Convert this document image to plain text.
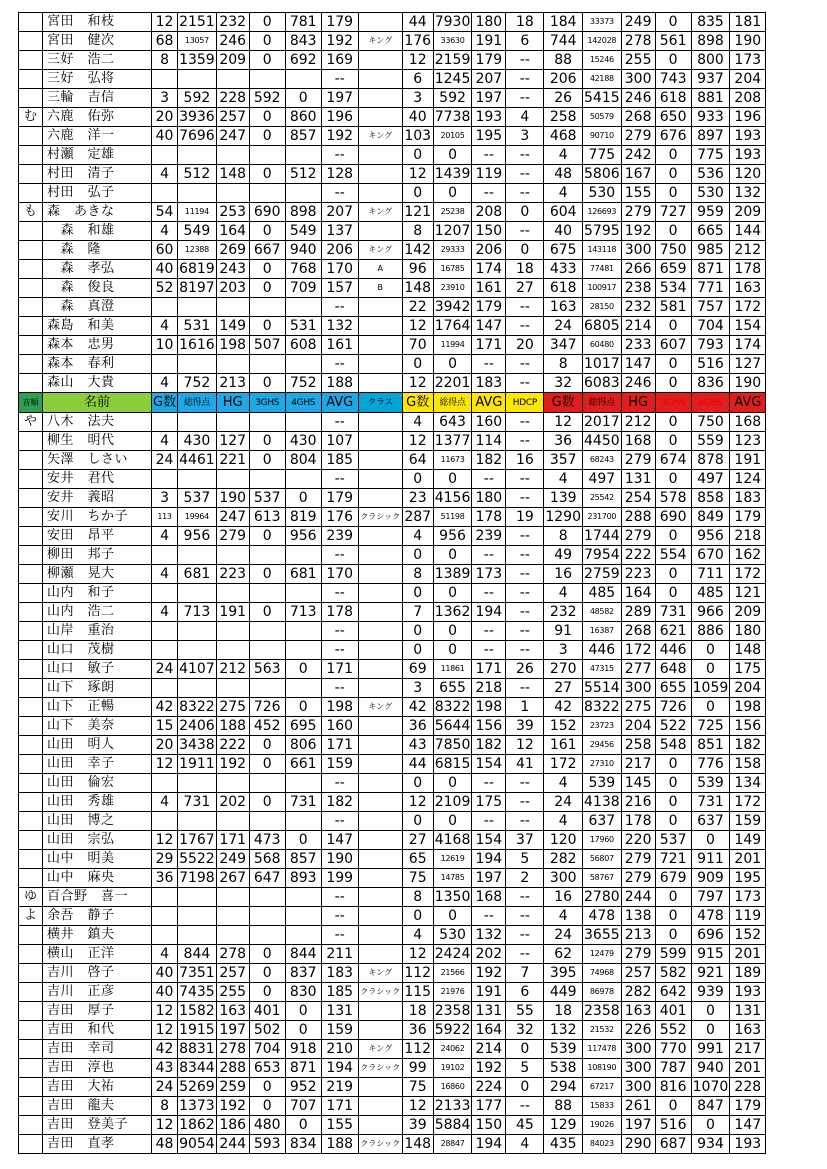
	宮田　和枝	12	2151	232	0	781	179		44	7930	180	18	184	33373	249	0	835	181
	宮田　健次	68	13057	246	0	843	192	キング	176	33630	191	6	744	142028	278	561	898	190
	三好　浩二	8	1359	209	0	692	169		12	2159	179	--	88	15246	255	0	800	173
	三好　弘将						--		6	1245	207	--	206	42188	300	743	937	204
	三輪　吉信	3	592	228	592	0	197		3	592	197	--	26	5415	246	618	881	208
む	六鹿　佑弥	20	3936	257	0	860	196		40	7738	193	4	258	50579	268	650	933	196
	六鹿　洋一	40	7696	247	0	857	192	キング	103	20105	195	3	468	90710	279	676	897	193
	村瀬　定雄						--		0	0	--	--	4	775	242	0	775	193
	村田　清子	4	512	148	0	512	128		12	1439	119	--	48	5806	167	0	536	120
	村田　弘子						--		0	0	--	--	4	530	155	0	530	132
も	森　あきな	54	11194	253	690	898	207	キング	121	25238	208	0	604	126693	279	727	959	209
	　森　和雄	4	549	164	0	549	137		8	1207	150	--	40	5795	192	0	665	144
	　森　隆	60	12388	269	667	940	206	キング	142	29333	206	0	675	143118	300	750	985	212
	　森　孝弘	40	6819	243	0	768	170	A	96	16785	174	18	433	77481	266	659	871	178
	　森　俊良	52	8197	203	0	709	157	B	148	23910	161	27	618	100917	238	534	771	163
	　森　真澄						--		22	3942	179	--	163	28150	232	581	757	172
	森島　和美	4	531	149	0	531	132		12	1764	147	--	24	6805	214	0	704	154
	森本　忠男	10	1616	198	507	608	161		70	11994	171	20	347	60480	233	607	793	174
	森本　春利						--		0	0	--	--	8	1017	147	0	516	127
	森山　大貴	4	752	213	0	752	188		12	2201	183	--	32	6083	246	0	836	190
音順	名前	G数	総得点	HG	3GHS	4GHS	AVG	クラス	G数	総得点	AVG	HDCP	G数	総得点	HG	3GHS	4GHS	AVG
や	八木　法夫						--		4	643	160	--	12	2017	212	0	750	168
	柳生　明代	4	430	127	0	430	107		12	1377	114	--	36	4450	168	0	559	123
	矢澤　しさい	24	4461	221	0	804	185		64	11673	182	16	357	68243	279	674	878	191
	安井　君代						--		0	0	--	--	4	497	131	0	497	124
	安井　義昭	3	537	190	537	0	179		23	4156	180	--	139	25542	254	578	858	183
	安川　ちか子	113	19964	247	613	819	176	クラシック	287	51198	178	19	1290	231700	288	690	849	179
	安田　昂平	4	956	279	0	956	239		4	956	239	--	8	1744	279	0	956	218
	柳田　邦子						--		0	0	--	--	49	7954	222	554	670	162
	柳瀬　晃大	4	681	223	0	681	170		8	1389	173	--	16	2759	223	0	711	172
	山内　和子						--		0	0	--	--	4	485	164	0	485	121
	山内　浩二	4	713	191	0	713	178		7	1362	194	--	232	48582	289	731	966	209
	山岸　重治						--		0	0	--	--	91	16387	268	621	886	180
	山口　茂樹						--		0	0	--	--	3	446	172	446	0	148
	山口　敏子	24	4107	212	563	0	171		69	11861	171	26	270	47315	277	648	0	175
	山下　琢朗						--		3	655	218	--	27	5514	300	655	1059	204
	山下　正暢	42	8322	275	726	0	198	キング	42	8322	198	1	42	8322	275	726	0	198
	山下　美奈	15	2406	188	452	695	160		36	5644	156	39	152	23723	204	522	725	156
	山田　明人	20	3438	222	0	806	171		43	7850	182	12	161	29456	258	548	851	182
	山田　幸子	12	1911	192	0	661	159		44	6815	154	41	172	27310	217	0	776	158
	山田　倫宏						--		0	0	--	--	4	539	145	0	539	134
	山田　秀雄	4	731	202	0	731	182		12	2109	175	--	24	4138	216	0	731	172
	山田　博之						--		0	0	--	--	4	637	178	0	637	159
	山田　宗弘	12	1767	171	473	0	147		27	4168	154	37	120	17960	220	537	0	149
	山中　明美	29	5522	249	568	857	190		65	12619	194	5	282	56807	279	721	911	201
	山中　麻央	36	7198	267	647	893	199		75	14785	197	2	300	58767	279	679	909	195
ゆ	百合野　喜一						--		8	1350	168	--	16	2780	244	0	797	173
よ	余吾　静子						--		0	0	--	--	4	478	138	0	478	119
	横井　鎮夫						--		4	530	132	--	24	3655	213	0	696	152
	横山　正洋	4	844	278	0	844	211		12	2424	202	--	62	12479	279	599	915	201
	吉川　啓子	40	7351	257	0	837	183	キング	112	21566	192	7	395	74968	257	582	921	189
	吉川　正彦	40	7435	255	0	830	185	クラシック	115	21976	191	6	449	86978	282	642	939	193
	吉田　厚子	12	1582	163	401	0	131		18	2358	131	55	18	2358	163	401	0	131
	吉田　和代	12	1915	197	502	0	159		36	5922	164	32	132	21532	226	552	0	163
	吉田　幸司	42	8831	278	704	918	210	キング	112	24062	214	0	539	117478	300	770	991	217
	吉田　淳也	43	8344	288	653	871	194	クラシック	99	19102	192	5	538	108190	300	787	940	201
	吉田　大祐	24	5269	259	0	952	219		75	16860	224	0	294	67217	300	816	1070	228
	吉田　龍夫	8	1373	192	0	707	171		12	2133	177	--	88	15833	261	0	847	179
	吉田　登美子	12	1862	186	480	0	155		39	5884	150	45	129	19026	197	516	0	147
	吉田　直孝	48	9054	244	593	834	188	クラシック	148	28847	194	4	435	84023	290	687	934	193
